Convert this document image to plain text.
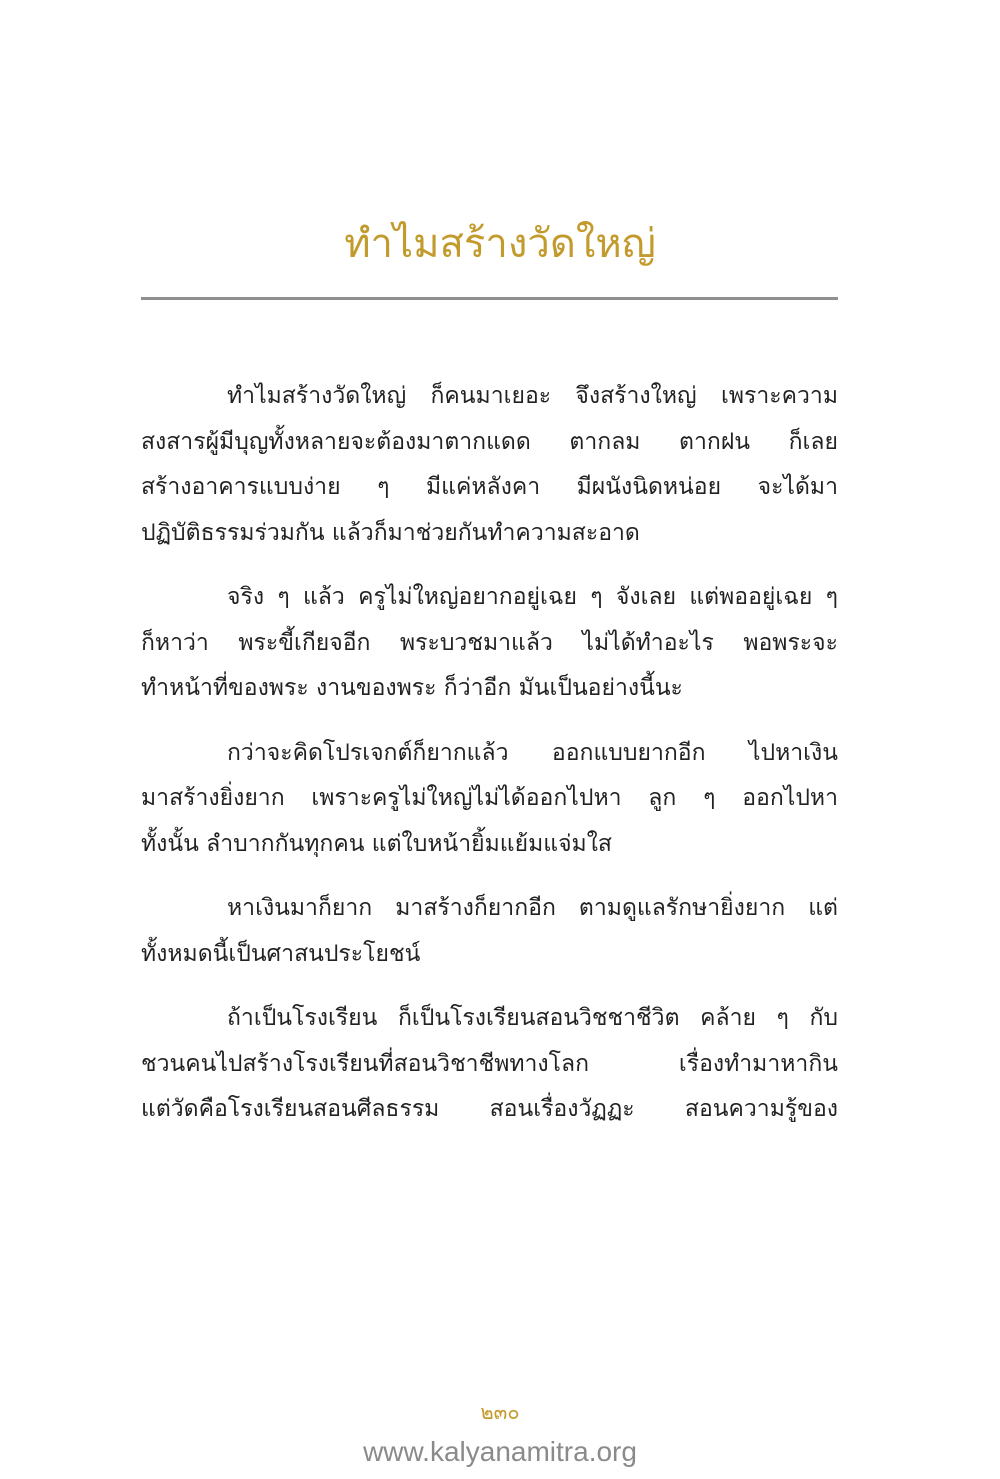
ทำไมสร้างวัดใหญ่
ทำไมสร้างวัดใหญ่ ก็คนมาเยอะ จึงสร้างใหญ่ เพราะความ
สงสารผู้มีบุญทั้งหลายจะต้องมาตากแดด ตากลม ตากฝน ก็เลย
สร้างอาคารแบบง่าย ๆ มีแค่หลังคา มีผนังนิดหน่อย จะได้มา
ปฏิบัติธรรมร่วมกัน แล้วก็มาช่วยกันทำความสะอาด
จริง ๆ แล้ว ครูไม่ใหญ่อยากอยู่เฉย ๆ จังเลย แต่พออยู่เฉย ๆ
ก็หาว่า พระขี้เกียจอีก พระบวชมาแล้ว ไม่ได้ทำอะไร พอพระจะ
ทำหน้าที่ของพระ งานของพระ ก็ว่าอีก มันเป็นอย่างนี้นะ
กว่าจะคิดโปรเจกต์ก็ยากแล้ว ออกแบบยากอีก ไปหาเงิน
มาสร้างยิ่งยาก เพราะครูไม่ใหญ่ไม่ได้ออกไปหา ลูก ๆ ออกไปหา
ทั้งนั้น ลำบากกันทุกคน แต่ใบหน้ายิ้มแย้มแจ่มใส
หาเงินมาก็ยาก มาสร้างก็ยากอีก ตามดูแลรักษายิ่งยาก แต่
ทั้งหมดนี้เป็นศาสนประโยชน์
ถ้าเป็นโรงเรียน ก็เป็นโรงเรียนสอนวิชชาชีวิต คล้าย ๆ กับ
ชวนคนไปสร้างโรงเรียนที่สอนวิชาชีพทางโลก เรื่องทำมาหากิน
แต่วัดคือโรงเรียนสอนศีลธรรม สอนเรื่องวัฏฏะ สอนความรู้ของ
๒๓๐
www.kalyanamitra.org
